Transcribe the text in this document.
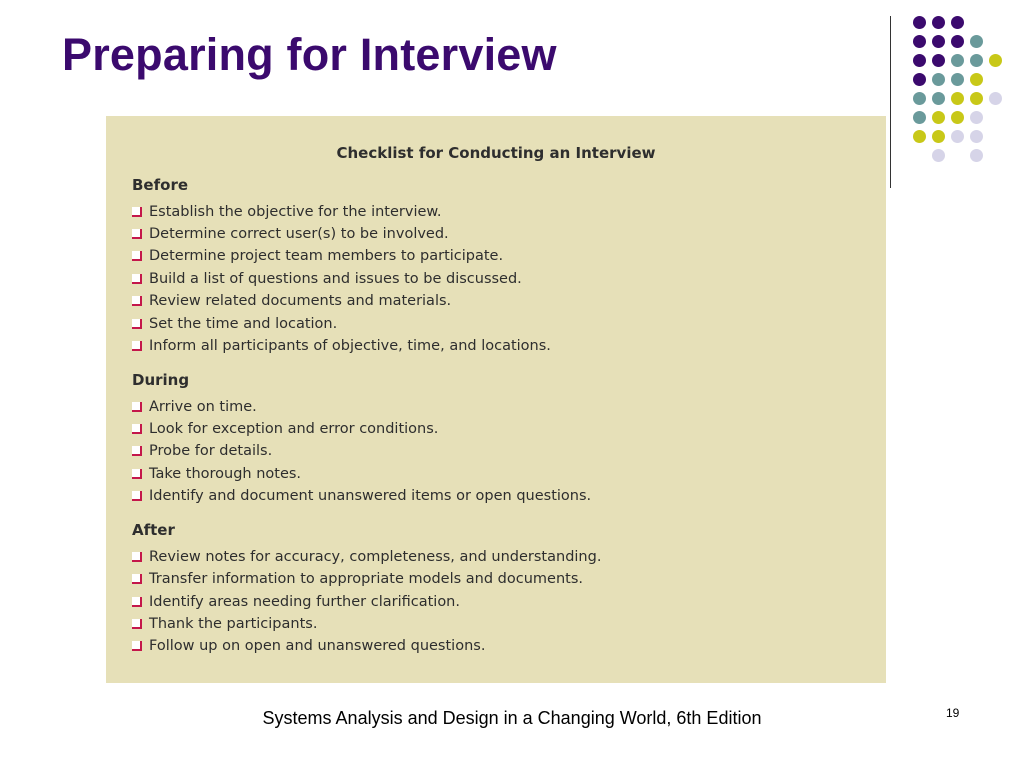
Preparing for Interview
Checklist for Conducting an Interview
Before
Establish the objective for the interview.
Determine correct user(s) to be involved.
Determine project team members to participate.
Build a list of questions and issues to be discussed.
Review related documents and materials.
Set the time and location.
Inform all participants of objective, time, and locations.
During
Arrive on time.
Look for exception and error conditions.
Probe for details.
Take thorough notes.
Identify and document unanswered items or open questions.
After
Review notes for accuracy, completeness, and understanding.
Transfer information to appropriate models and documents.
Identify areas needing further clarification.
Thank the participants.
Follow up on open and unanswered questions.
Systems Analysis and Design in a Changing World, 6th Edition	19
